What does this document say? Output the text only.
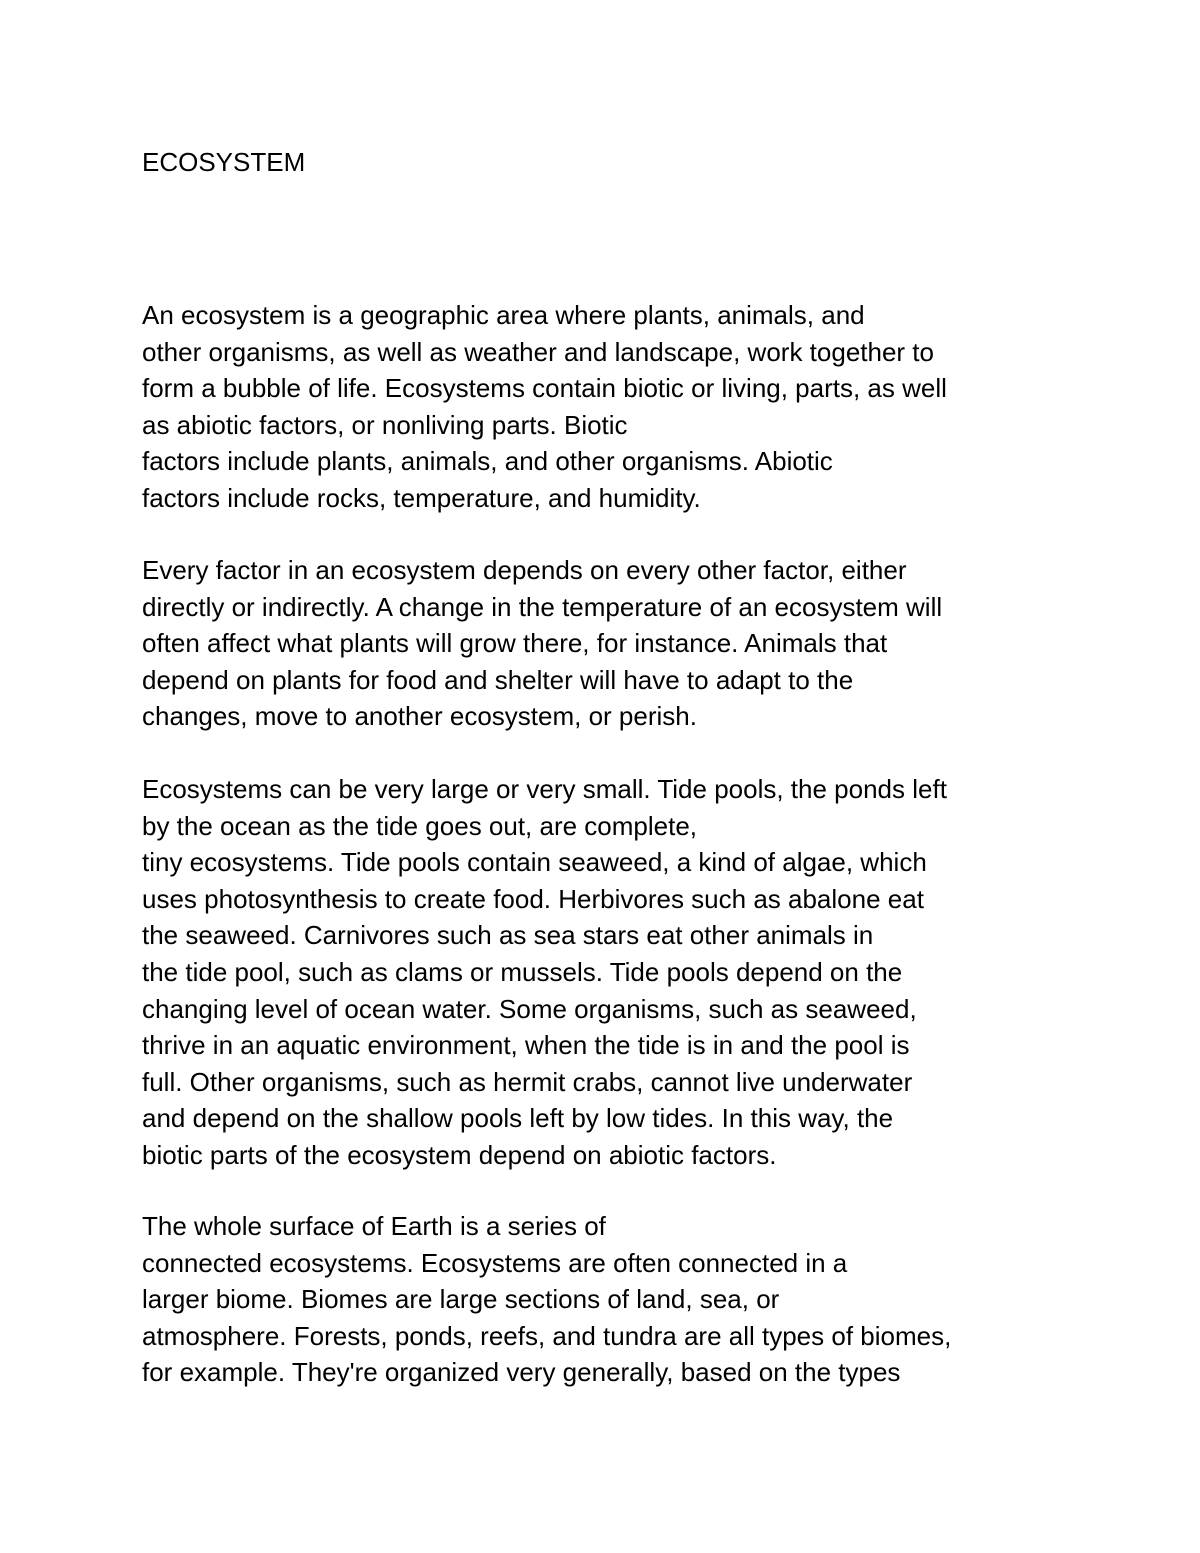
ECOSYSTEM

An ecosystem is a geographic area where plants, animals, and
other organisms, as well as weather and landscape, work together to
form a bubble of life. Ecosystems contain biotic or living, parts, as well
as abiotic factors, or nonliving parts. Biotic
factors include plants, animals, and other organisms. Abiotic
factors include rocks, temperature, and humidity.

Every factor in an ecosystem depends on every other factor, either
directly or indirectly. A change in the temperature of an ecosystem will
often affect what plants will grow there, for instance. Animals that
depend on plants for food and shelter will have to adapt to the
changes, move to another ecosystem, or perish.

Ecosystems can be very large or very small. Tide pools, the ponds left
by the ocean as the tide goes out, are complete,
tiny ecosystems. Tide pools contain seaweed, a kind of algae, which
uses photosynthesis to create food. Herbivores such as abalone eat
the seaweed. Carnivores such as sea stars eat other animals in
the tide pool, such as clams or mussels. Tide pools depend on the
changing level of ocean water. Some organisms, such as seaweed,
thrive in an aquatic environment, when the tide is in and the pool is
full. Other organisms, such as hermit crabs, cannot live underwater
and depend on the shallow pools left by low tides. In this way, the
biotic parts of the ecosystem depend on abiotic factors.

The whole surface of Earth is a series of
connected ecosystems. Ecosystems are often connected in a
larger biome. Biomes are large sections of land, sea, or
atmosphere. Forests, ponds, reefs, and tundra are all types of biomes,
for example. They're organized very generally, based on the types
